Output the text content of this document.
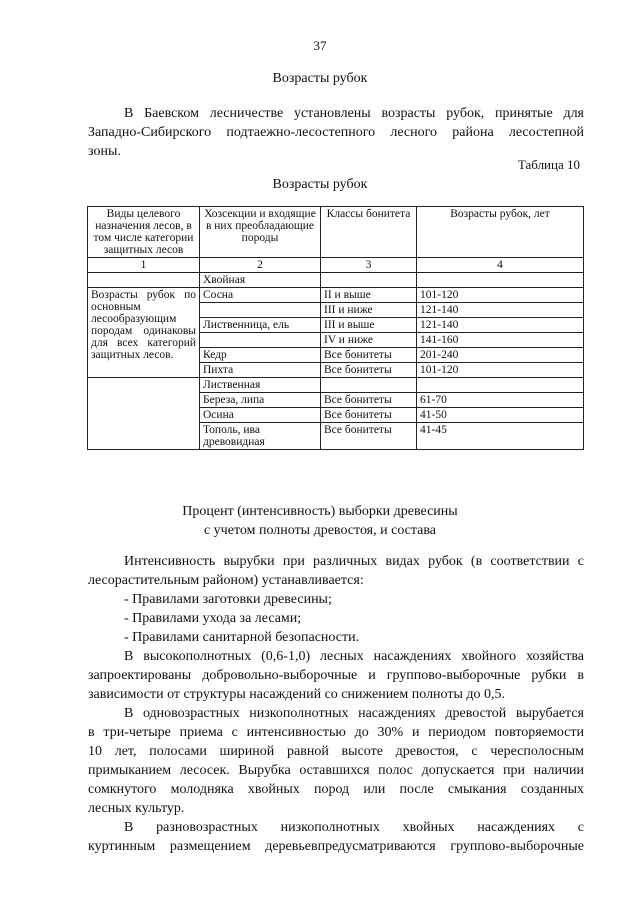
37
Возрасты рубок
В Баевском лесничестве установлены возрасты рубок, принятые для
Западно-Сибирского подтаежно-лесостепного лесного района лесостепной
зоны.
Таблица 10
Возрасты рубок
Виды целевого назначения лесов, в том числе категории защитных лесов	Хозсекции и входящие в них преобладающие породы	Классы бонитета	Возрасты рубок, лет
1	2	3	4
	Хвойная		
Возрасты рубок по основным лесообразующим породам одинаковы для всех категорий защитных лесов.	Сосна	II и выше	101-120
		III и ниже	121-140
	Лиственница, ель	III и выше	121-140
		IV и ниже	141-160
	Кедр	Все бонитеты	201-240
	Пихта	Все бонитеты	101-120
	Лиственная		
	Береза, липа	Все бонитеты	61-70
	Осина	Все бонитеты	41-50
	Тополь, ива древовидная	Все бонитеты	41-45
Процент (интенсивность) выборки древесины
с учетом полноты древостоя, и состава
Интенсивность вырубки при различных видах рубок (в соответствии с
лесорастительным районом) устанавливается:
- Правилами заготовки древесины;
- Правилами ухода за лесами;
- Правилами санитарной безопасности.
В высокополнотных (0,6-1,0) лесных насаждениях хвойного хозяйства
запроектированы добровольно-выборочные и группово-выборочные рубки в
зависимости от структуры насаждений со снижением полноты до 0,5.
В одновозрастных низкополнотных насаждениях древостой вырубается
в три-четыре приема с интенсивностью до 30% и периодом повторяемости
10 лет, полосами шириной равной высоте древостоя, с чересполосным
примыканием лесосек. Вырубка оставшихся полос допускается при наличии
сомкнутого молодняка хвойных пород или после смыкания созданных
лесных культур.
В разновозрастных низкополнотных хвойных насаждениях с
куртинным размещением деревьевпредусматриваются группово-выборочные
